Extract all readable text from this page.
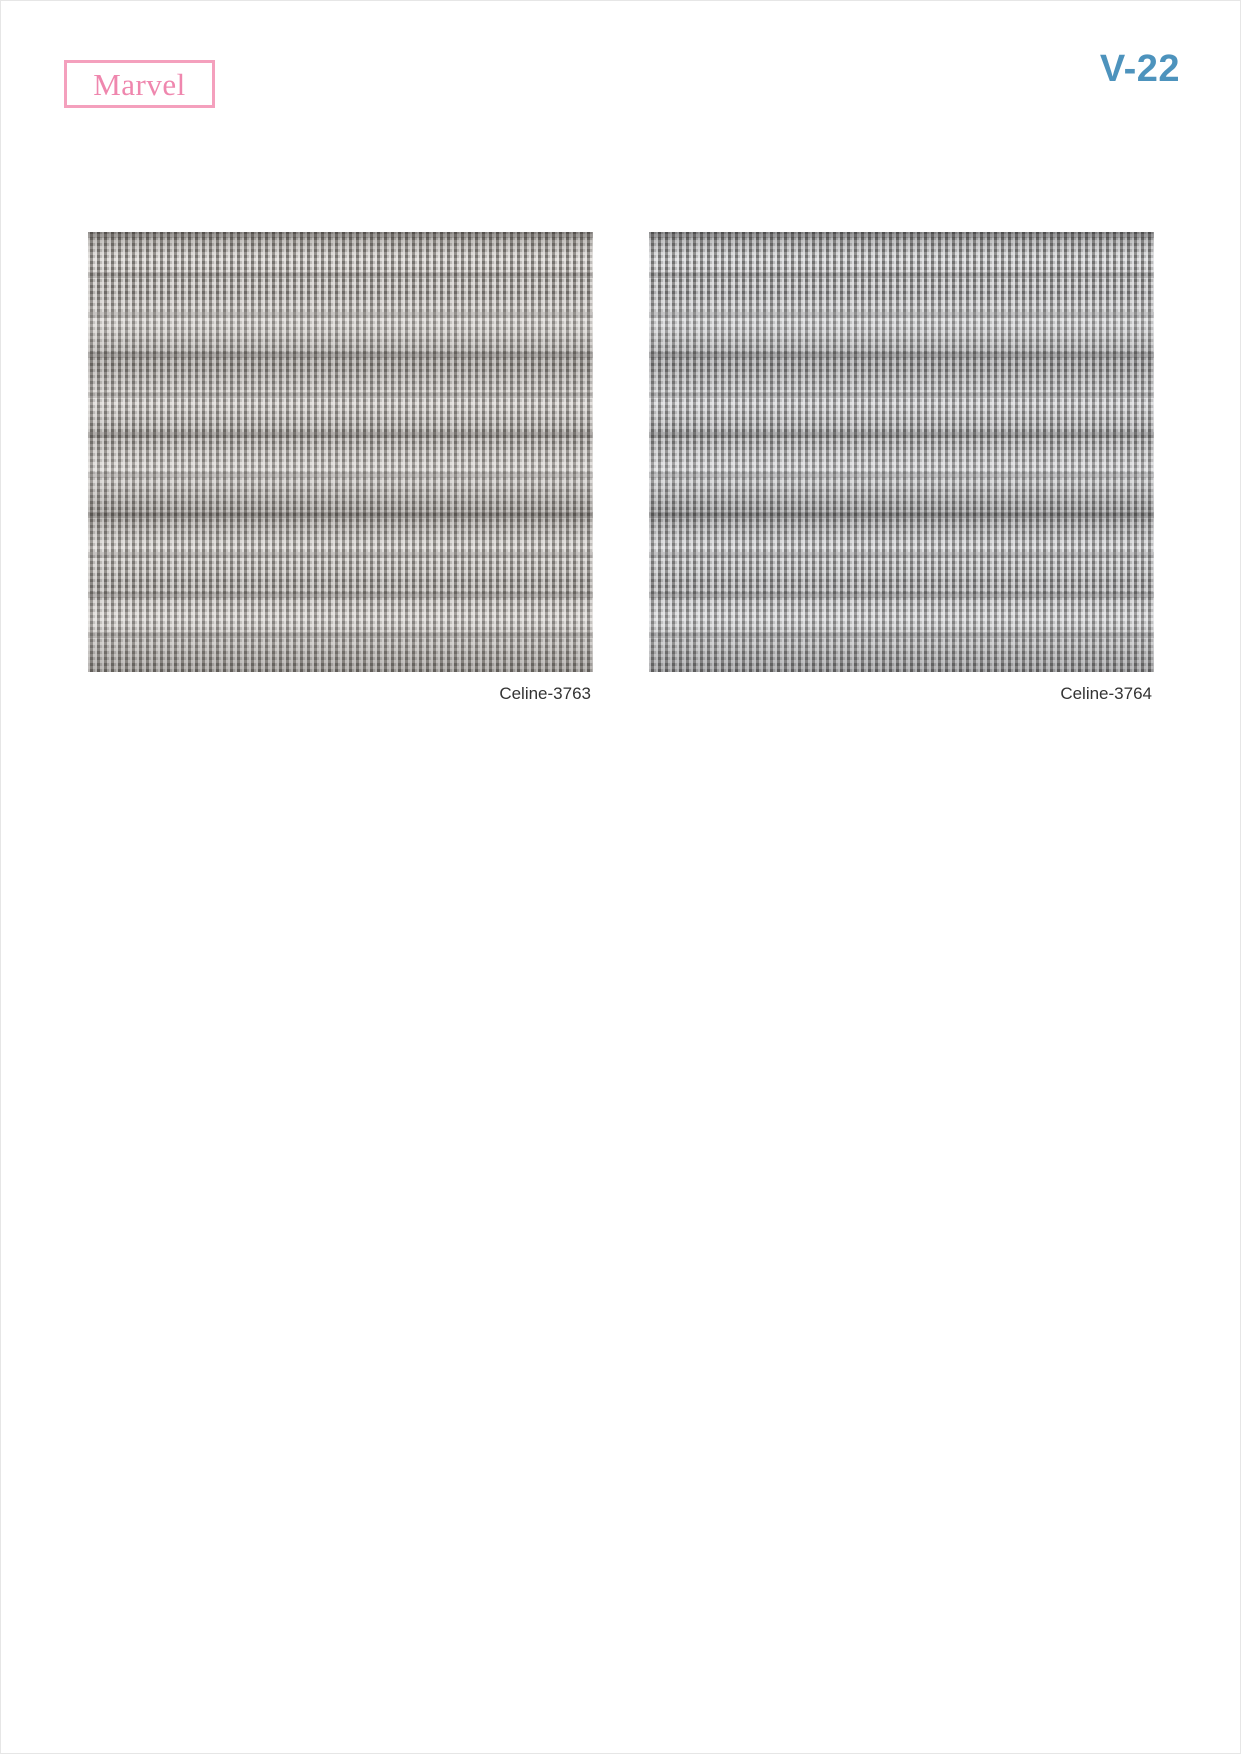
Marvel	V-22
Celine-3763	Celine-3764
